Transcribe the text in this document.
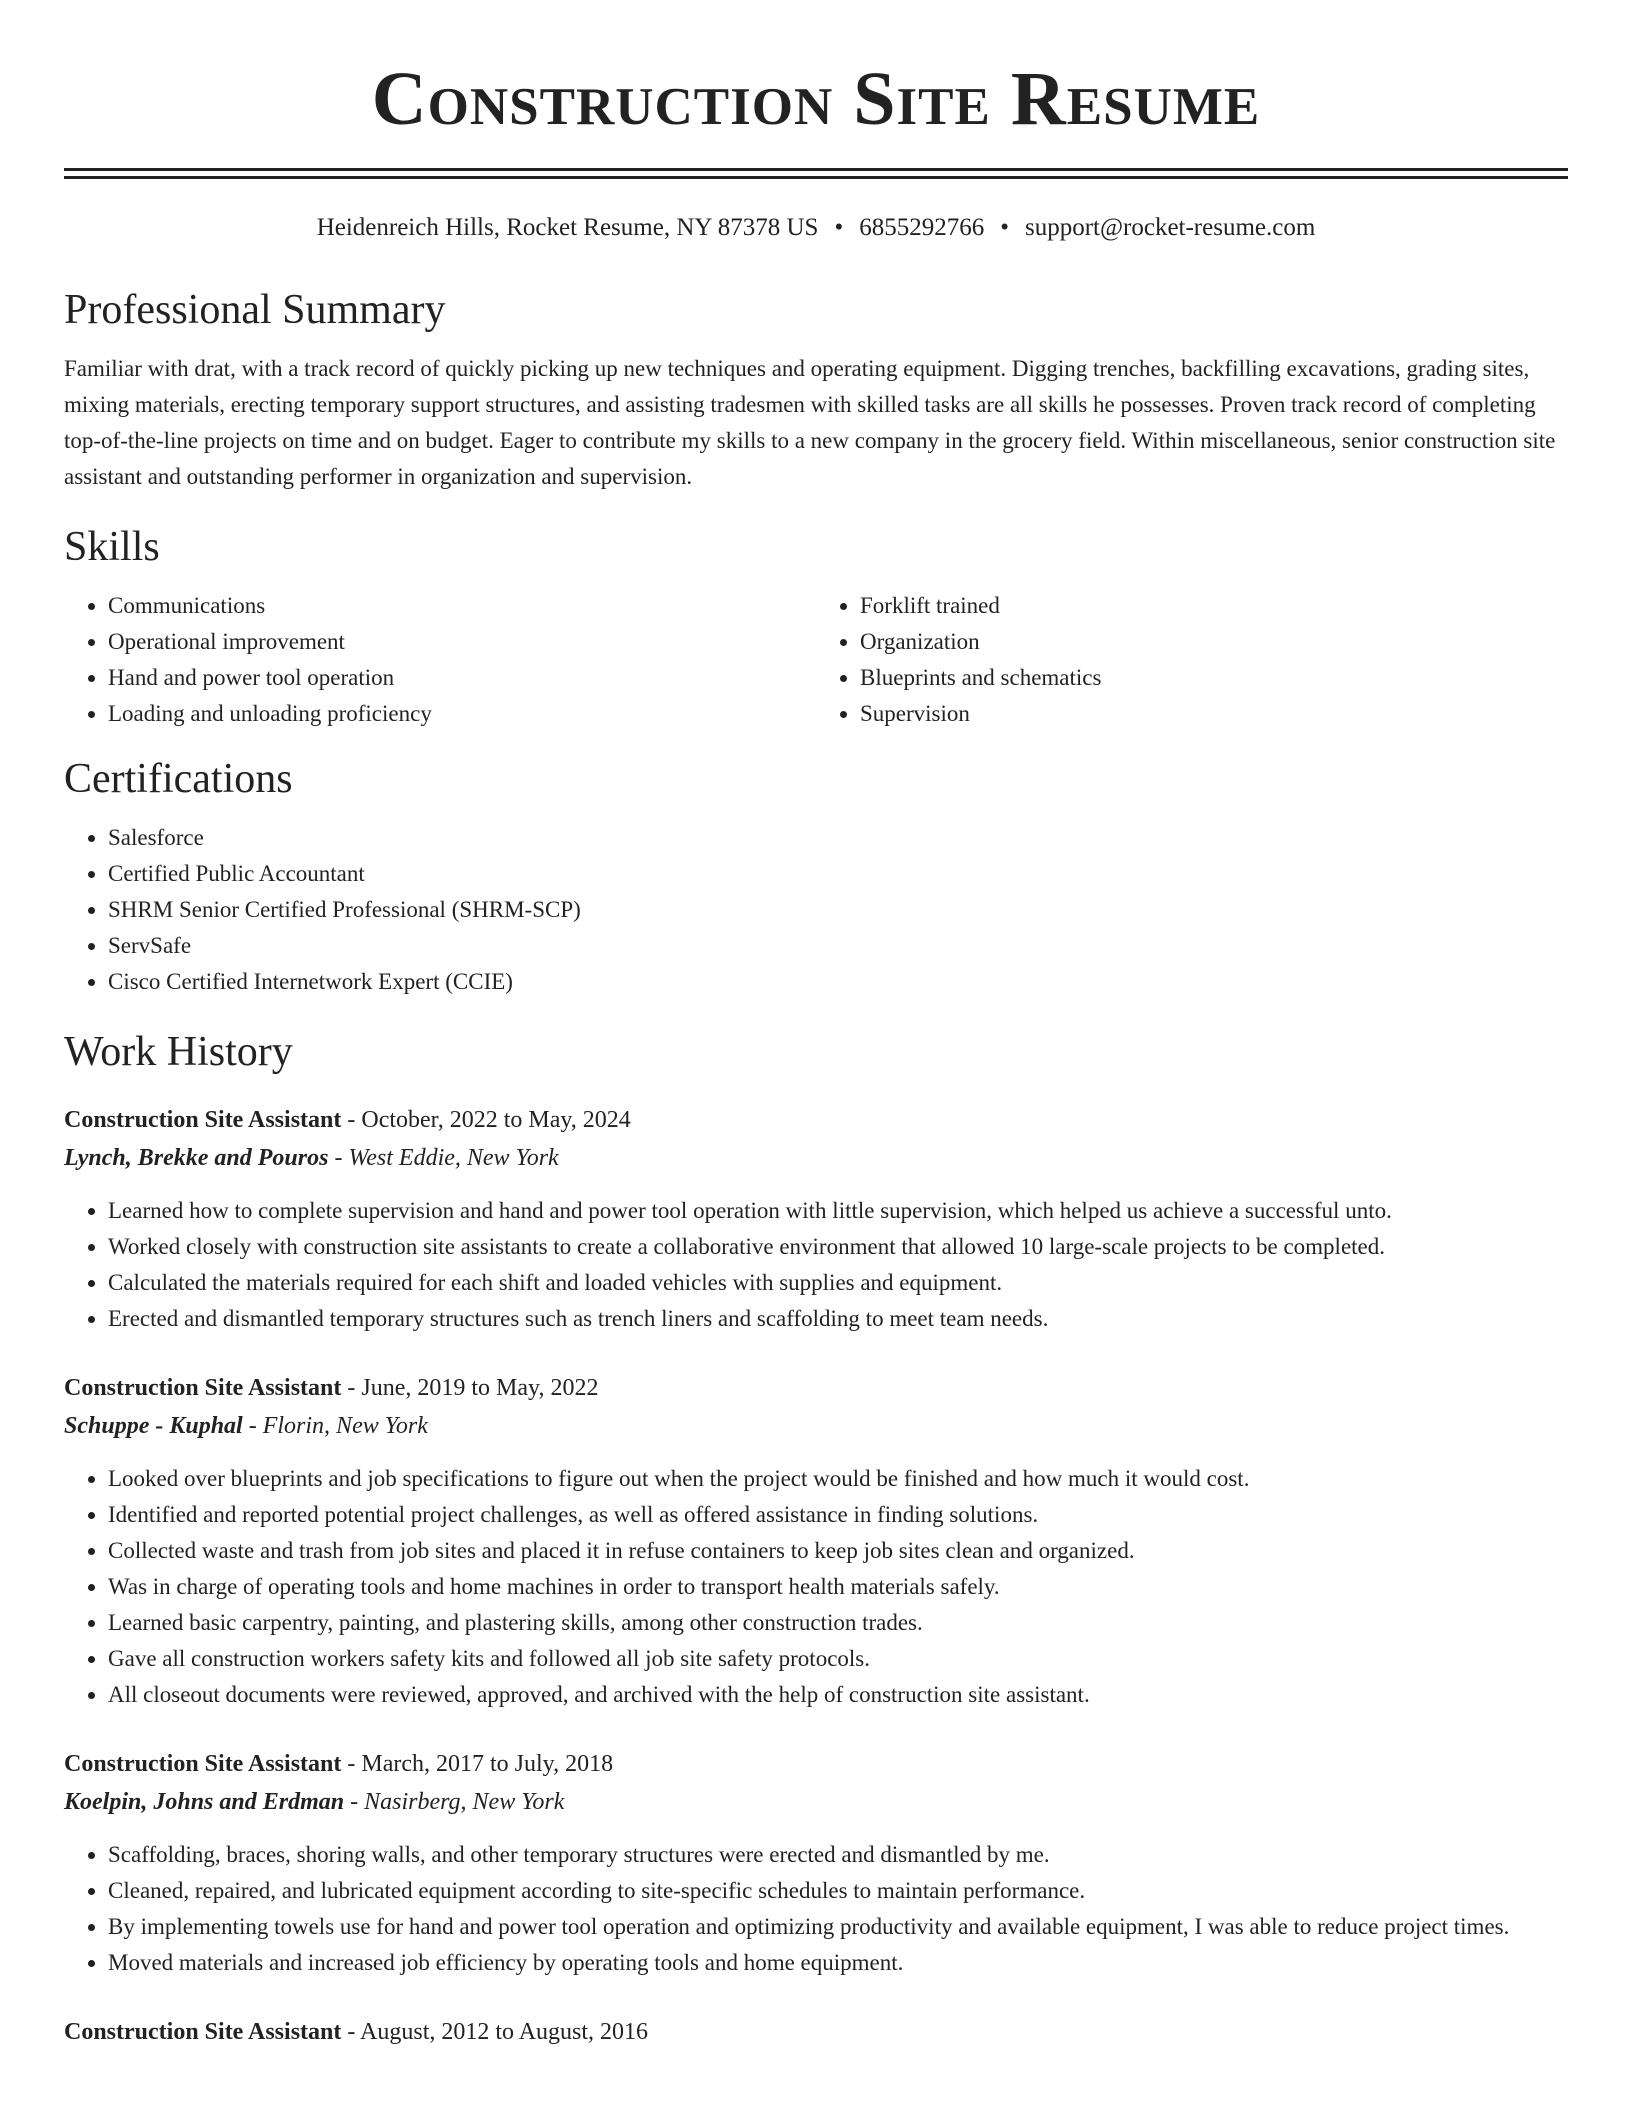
Construction Site Resume
Heidenreich Hills, Rocket Resume, NY 87378 US • 6855292766 • support@rocket-resume.com
Professional Summary
Familiar with drat, with a track record of quickly picking up new techniques and operating equipment. Digging trenches, backfilling excavations, grading sites, mixing materials, erecting temporary support structures, and assisting tradesmen with skilled tasks are all skills he possesses. Proven track record of completing top-of-the-line projects on time and on budget. Eager to contribute my skills to a new company in the grocery field. Within miscellaneous, senior construction site assistant and outstanding performer in organization and supervision.
Skills
• Communications
• Operational improvement
• Hand and power tool operation
• Loading and unloading proficiency
• Forklift trained
• Organization
• Blueprints and schematics
• Supervision
Certifications
• Salesforce
• Certified Public Accountant
• SHRM Senior Certified Professional (SHRM-SCP)
• ServSafe
• Cisco Certified Internetwork Expert (CCIE)
Work History
Construction Site Assistant - October, 2022 to May, 2024
Lynch, Brekke and Pouros - West Eddie, New York
• Learned how to complete supervision and hand and power tool operation with little supervision, which helped us achieve a successful unto.
• Worked closely with construction site assistants to create a collaborative environment that allowed 10 large-scale projects to be completed.
• Calculated the materials required for each shift and loaded vehicles with supplies and equipment.
• Erected and dismantled temporary structures such as trench liners and scaffolding to meet team needs.
Construction Site Assistant - June, 2019 to May, 2022
Schuppe - Kuphal - Florin, New York
• Looked over blueprints and job specifications to figure out when the project would be finished and how much it would cost.
• Identified and reported potential project challenges, as well as offered assistance in finding solutions.
• Collected waste and trash from job sites and placed it in refuse containers to keep job sites clean and organized.
• Was in charge of operating tools and home machines in order to transport health materials safely.
• Learned basic carpentry, painting, and plastering skills, among other construction trades.
• Gave all construction workers safety kits and followed all job site safety protocols.
• All closeout documents were reviewed, approved, and archived with the help of construction site assistant.
Construction Site Assistant - March, 2017 to July, 2018
Koelpin, Johns and Erdman - Nasirberg, New York
• Scaffolding, braces, shoring walls, and other temporary structures were erected and dismantled by me.
• Cleaned, repaired, and lubricated equipment according to site-specific schedules to maintain performance.
• By implementing towels use for hand and power tool operation and optimizing productivity and available equipment, I was able to reduce project times.
• Moved materials and increased job efficiency by operating tools and home equipment.
Construction Site Assistant - August, 2012 to August, 2016
